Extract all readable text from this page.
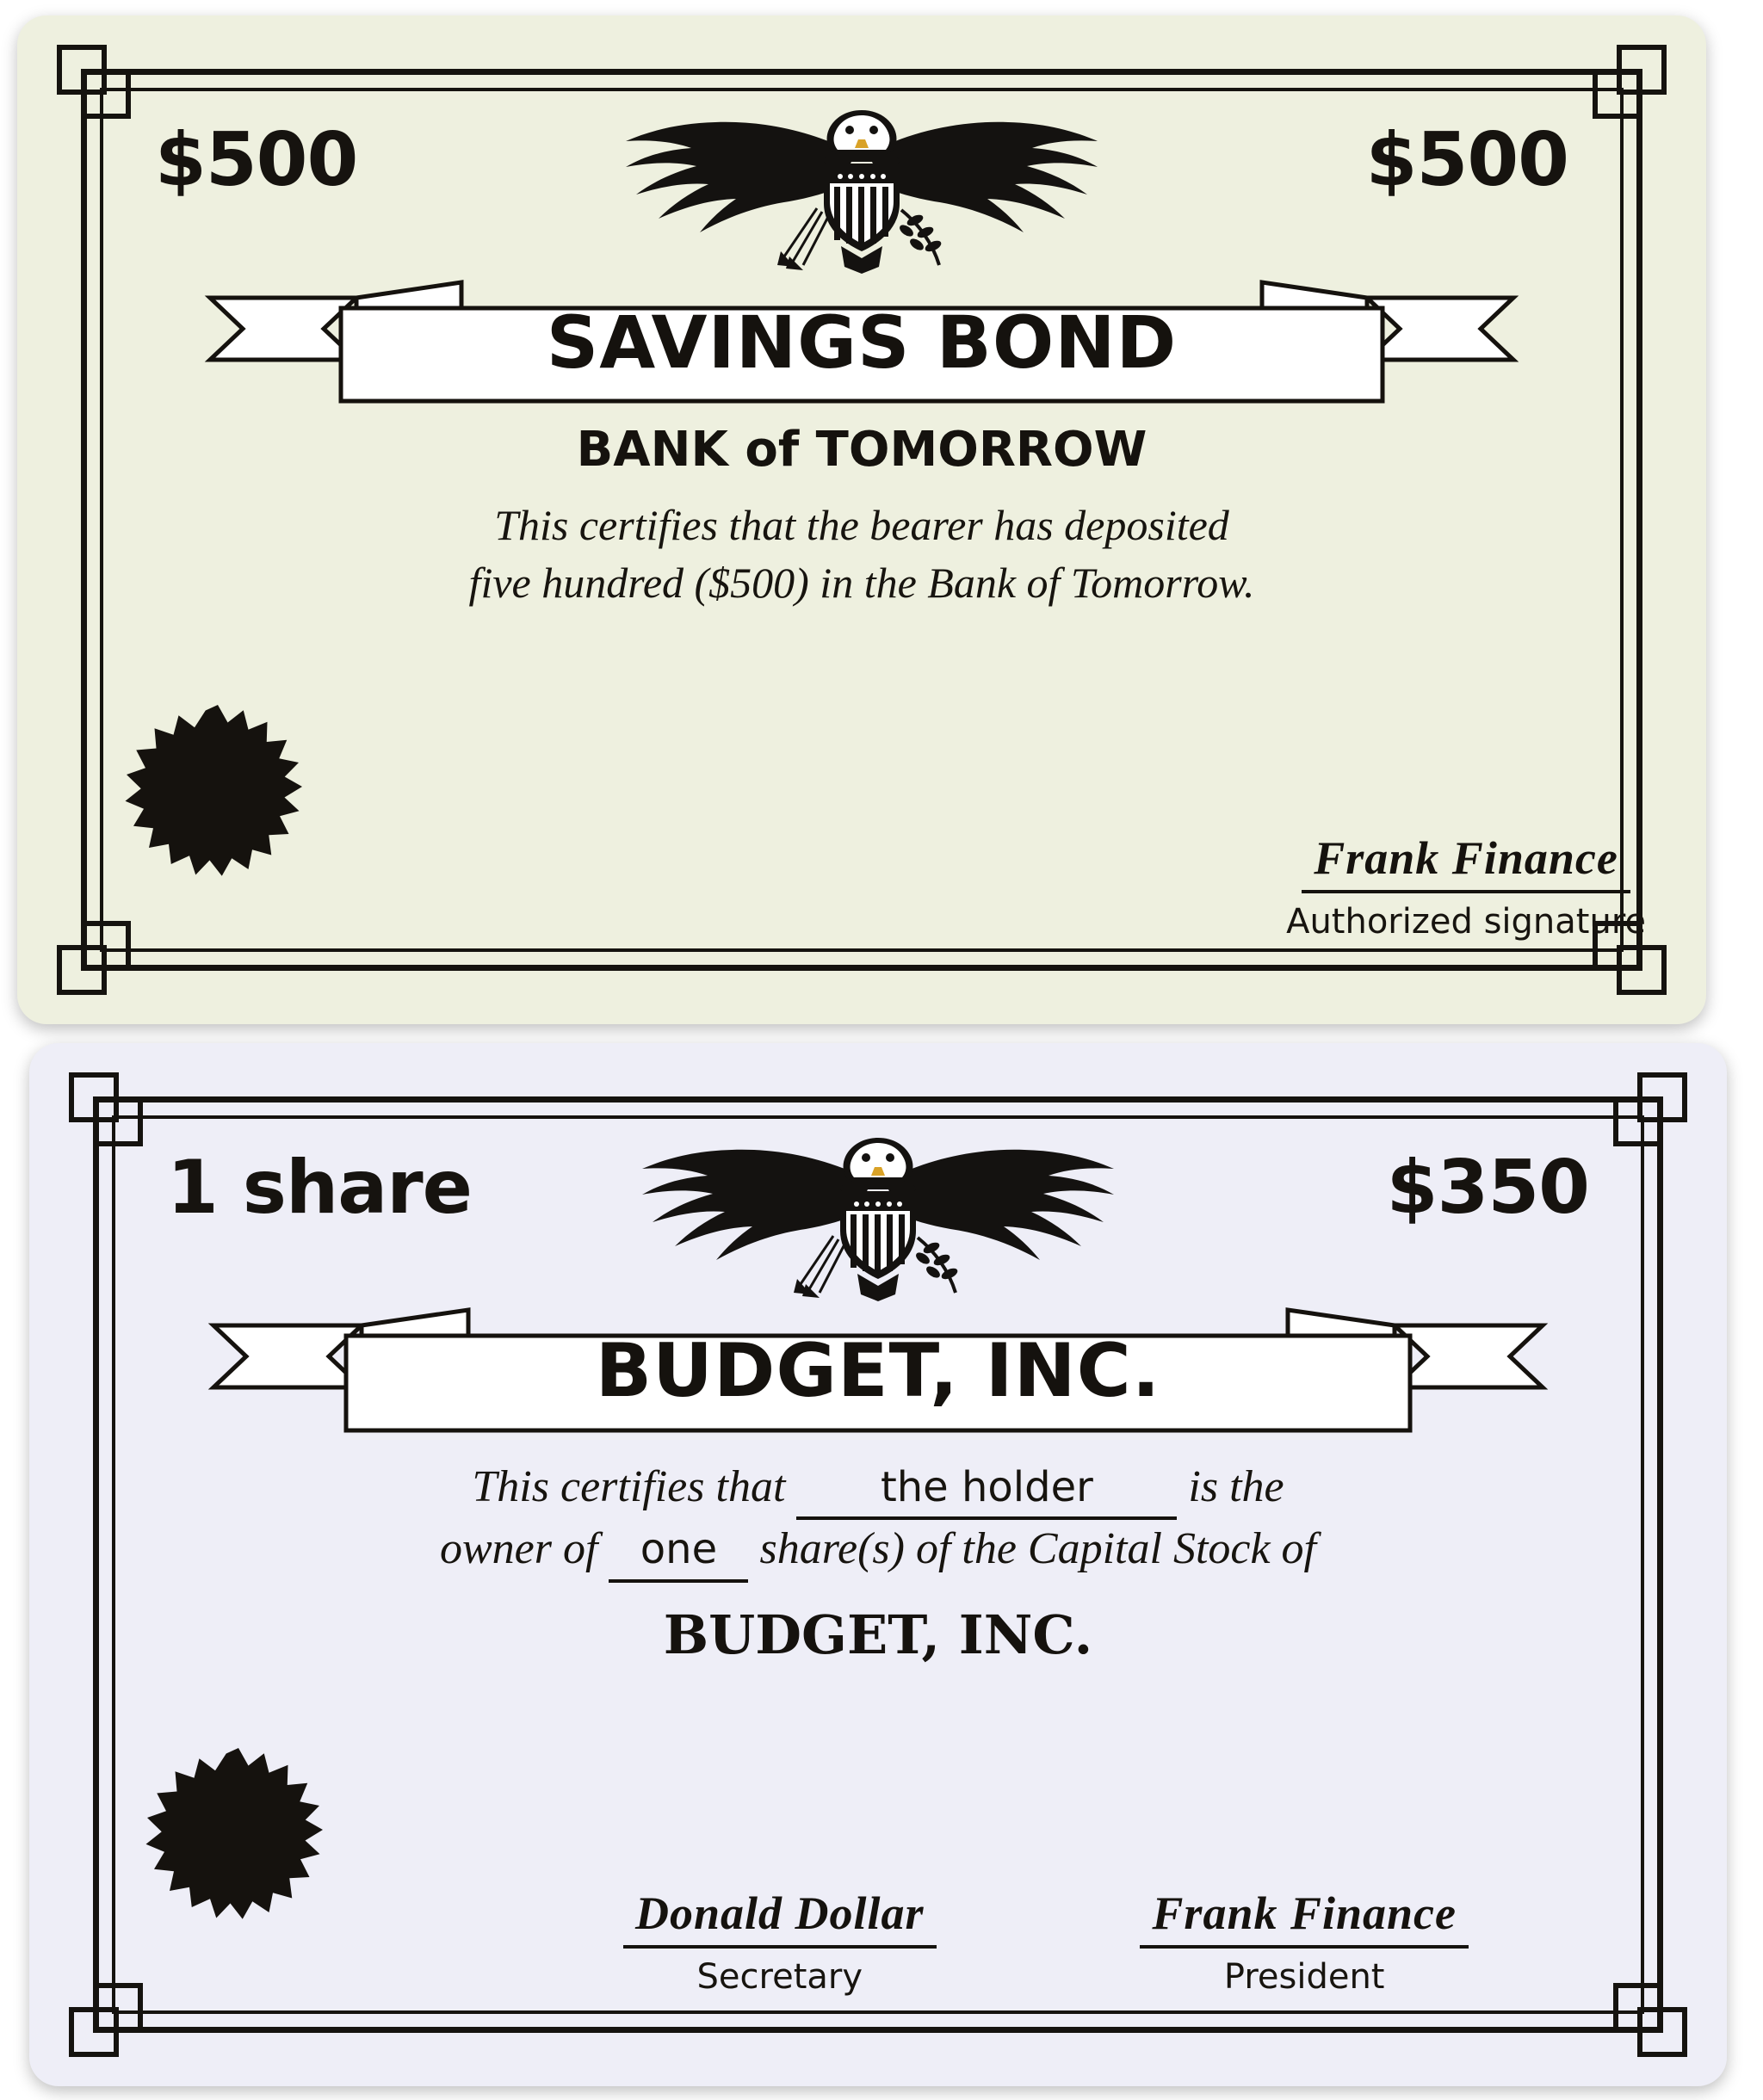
$500	$500
SAVINGS BOND
BANK of TOMORROW
This certifies that the bearer has deposited
five hundred ($500) in the Bank of Tomorrow.
Frank Finance
Authorized signature
1 share	$350
BUDGET, INC.
This certifies that the holder is the
owner of one share(s) of the Capital Stock of
BUDGET, INC.
Donald Dollar
Secretary
Frank Finance
President
